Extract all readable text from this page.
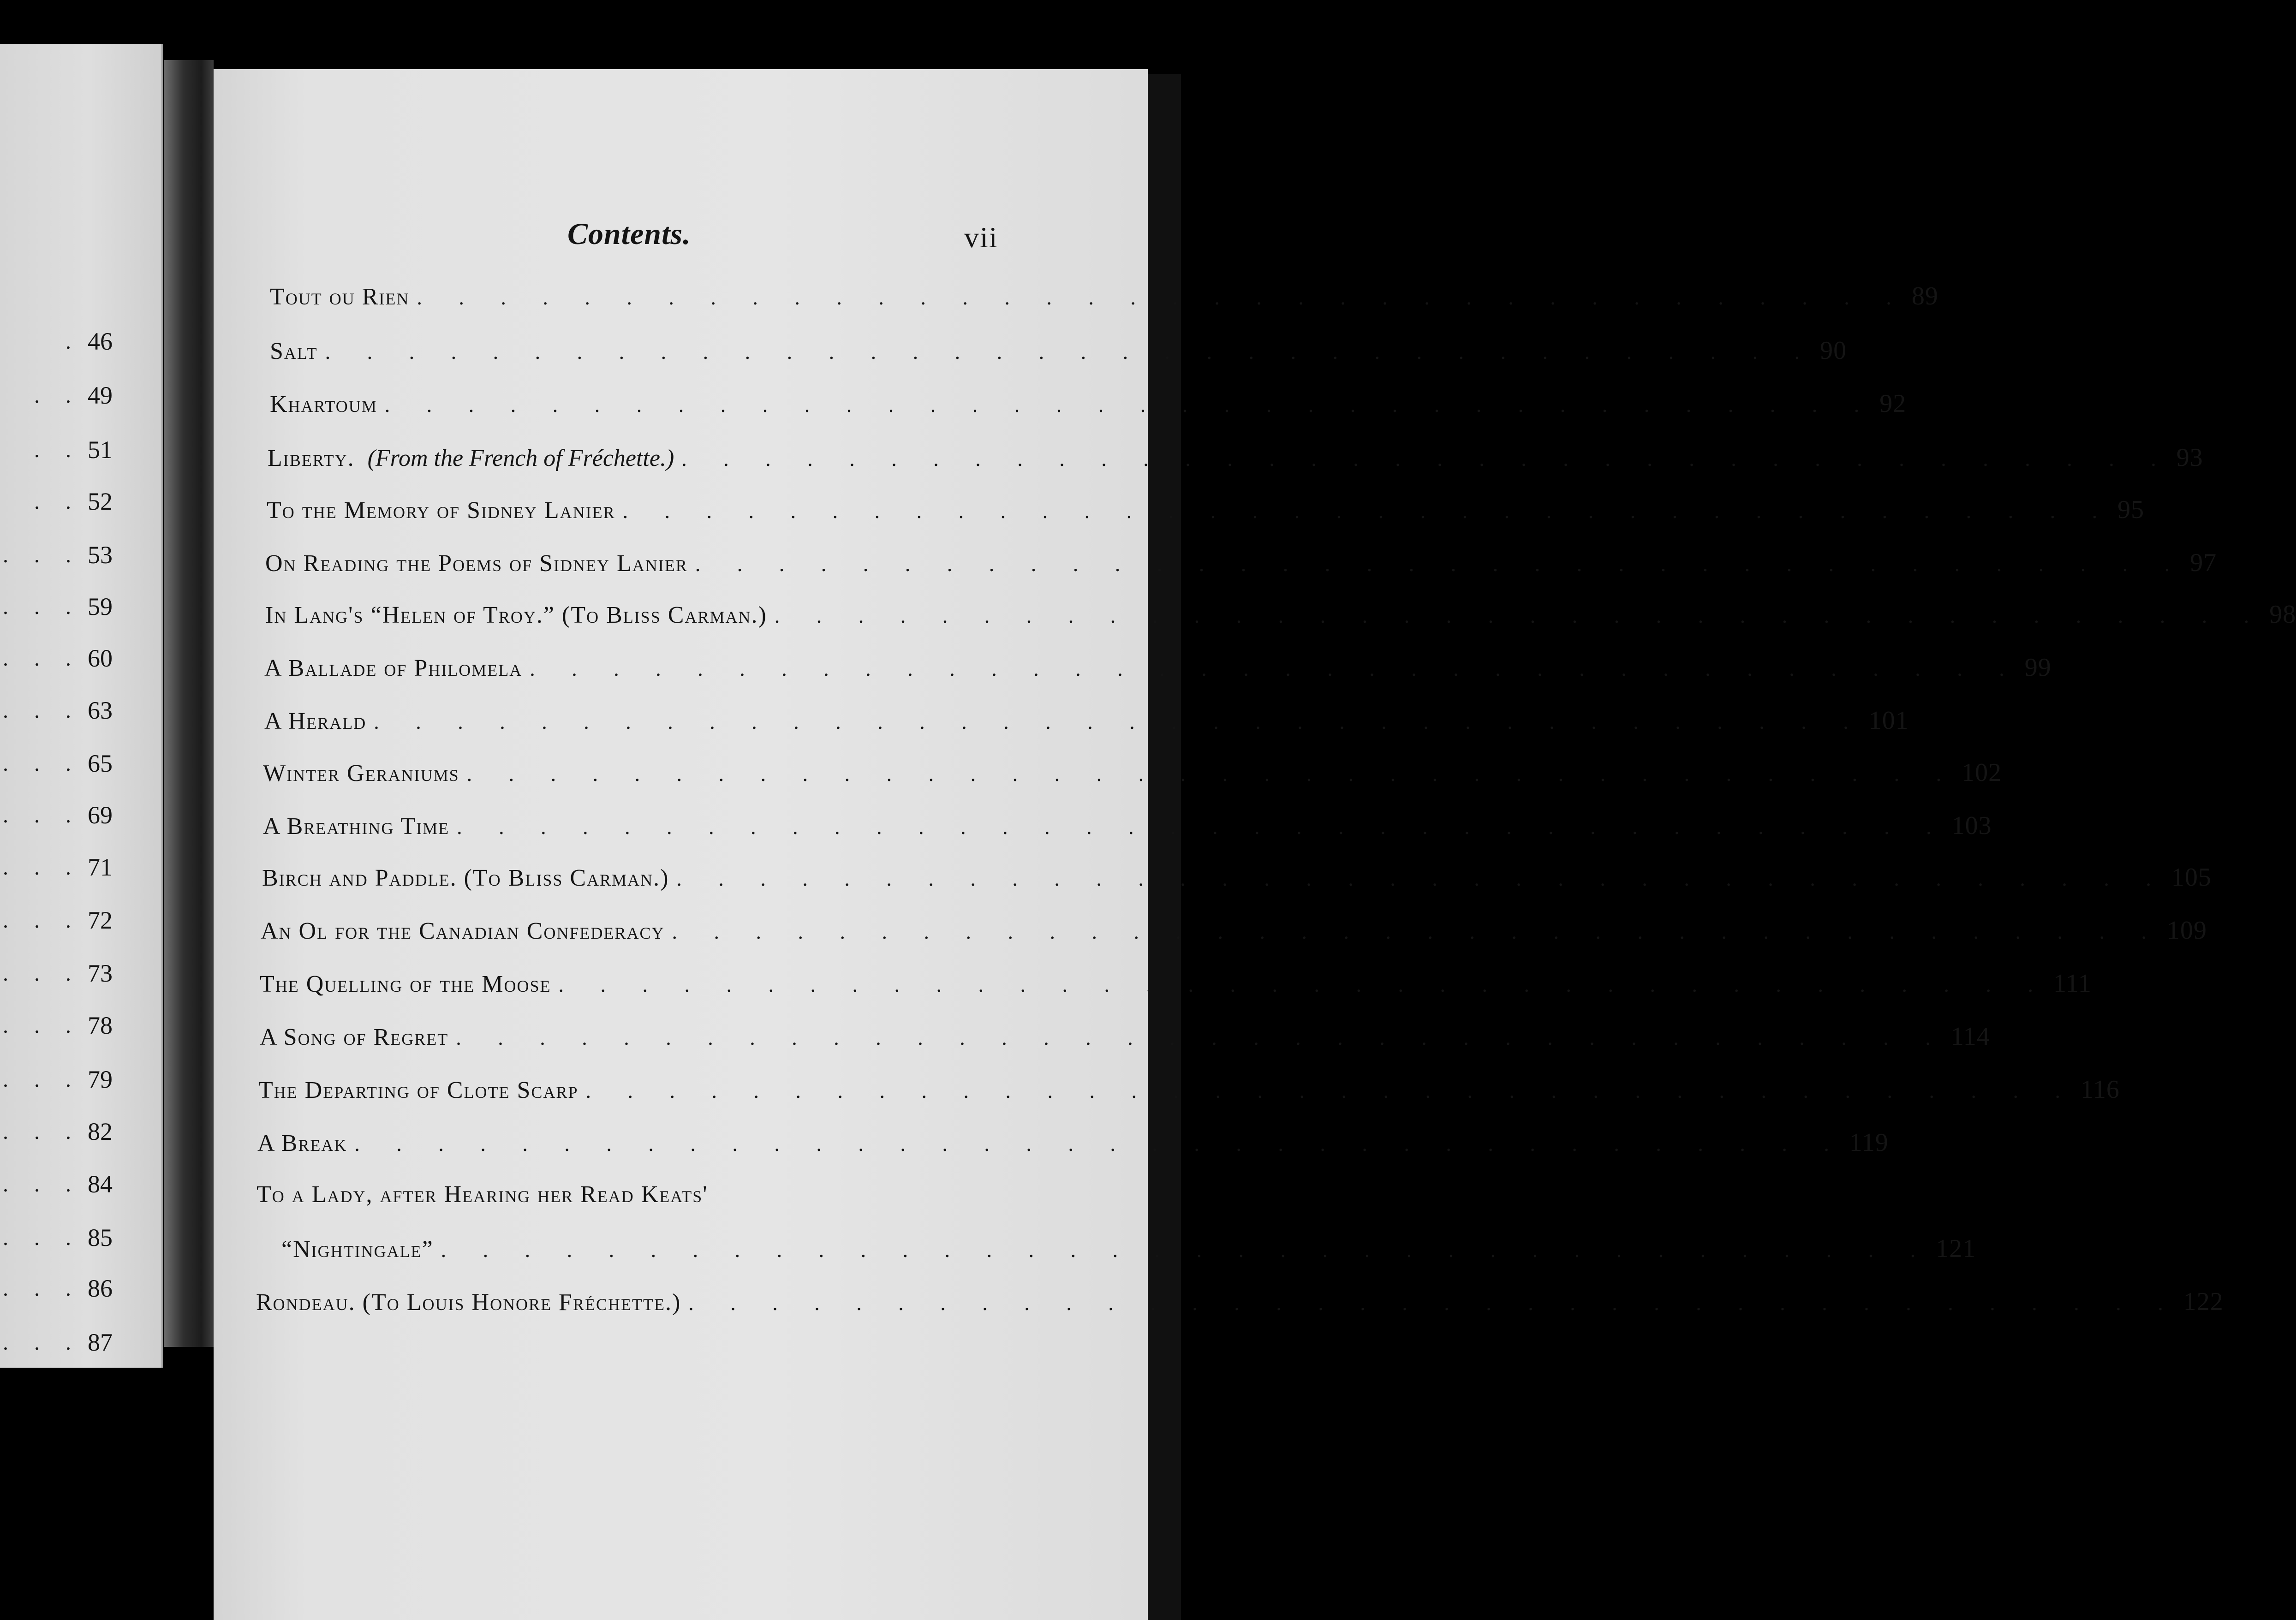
. 46
. . 49
. . 51
. . 52
. . . 53
. . . 59
. . . 60
. . . 63
. . . 65
. . . 69
. . . 71
. . . 72
. . . 73
. . . 78
. . . 79
. . . 82
. . . 84
. . . 85
. . . 86
. . . 87
Contents.	vii
Tout ou Rien . . . . . . . . . . . . . . . . . . . . . . . . . . . . . . . . . . . . 89
Salt . . . . . . . . . . . . . . . . . . . . . . . . . . . . . . . . . . . . 90
Khartoum . . . . . . . . . . . . . . . . . . . . . . . . . . . . . . . . . . . . 92
Liberty. (From the French of Fréchette.) . . . . . . . . . . . . . . . . . . . . . . . . . . . . . . . . . . . . 93
To the Memory of Sidney Lanier . . . . . . . . . . . . . . . . . . . . . . . . . . . . . . . . . . . . 95
On Reading the Poems of Sidney Lanier . . . . . . . . . . . . . . . . . . . . . . . . . . . . . . . . . . . . 97
In Lang's “Helen of Troy.” (To Bliss Carman.) . . . . . . . . . . . . . . . . . . . . . . . . . . . . . . . . . . . . 98
A Ballade of Philomela . . . . . . . . . . . . . . . . . . . . . . . . . . . . . . . . . . . . 99
A Herald . . . . . . . . . . . . . . . . . . . . . . . . . . . . . . . . . . . . 101
Winter Geraniums . . . . . . . . . . . . . . . . . . . . . . . . . . . . . . . . . . . . 102
A Breathing Time . . . . . . . . . . . . . . . . . . . . . . . . . . . . . . . . . . . . 103
Birch and Paddle. (To Bliss Carman.) . . . . . . . . . . . . . . . . . . . . . . . . . . . . . . . . . . . . 105
An Ol for the Canadian Confederacy . . . . . . . . . . . . . . . . . . . . . . . . . . . . . . . . . . . . 109
The Quelling of the Moose . . . . . . . . . . . . . . . . . . . . . . . . . . . . . . . . . . . . 111
A Song of Regret . . . . . . . . . . . . . . . . . . . . . . . . . . . . . . . . . . . . 114
The Departing of Clote Scarp . . . . . . . . . . . . . . . . . . . . . . . . . . . . . . . . . . . . 116
A Break . . . . . . . . . . . . . . . . . . . . . . . . . . . . . . . . . . . . 119
To a Lady, after Hearing her Read Keats'
“Nightingale” . . . . . . . . . . . . . . . . . . . . . . . . . . . . . . . . . . . . 121
Rondeau. (To Louis Honore Fréchette.) . . . . . . . . . . . . . . . . . . . . . . . . . . . . . . . . . . . . 122
